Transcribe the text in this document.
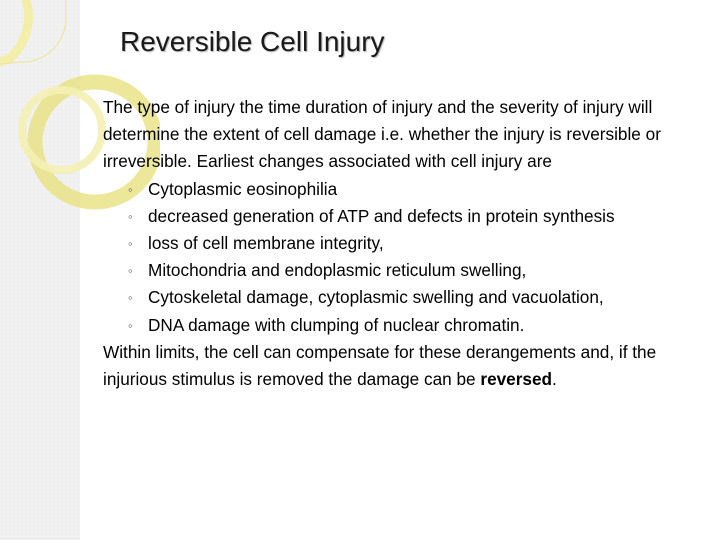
Reversible Cell Injury

The type of injury the time duration of injury and the severity of injury will determine the extent of cell damage i.e. whether the injury is reversible or irreversible. Earliest changes associated with cell injury are

◦ Cytoplasmic eosinophilia
◦ decreased generation of ATP and defects in protein synthesis
◦ loss of cell membrane integrity,
◦ Mitochondria and endoplasmic reticulum swelling,
◦ Cytoskeletal damage, cytoplasmic swelling and vacuolation,
◦ DNA damage with clumping of nuclear chromatin.

Within limits, the cell can compensate for these derangements and, if the injurious stimulus is removed the damage can be reversed.
